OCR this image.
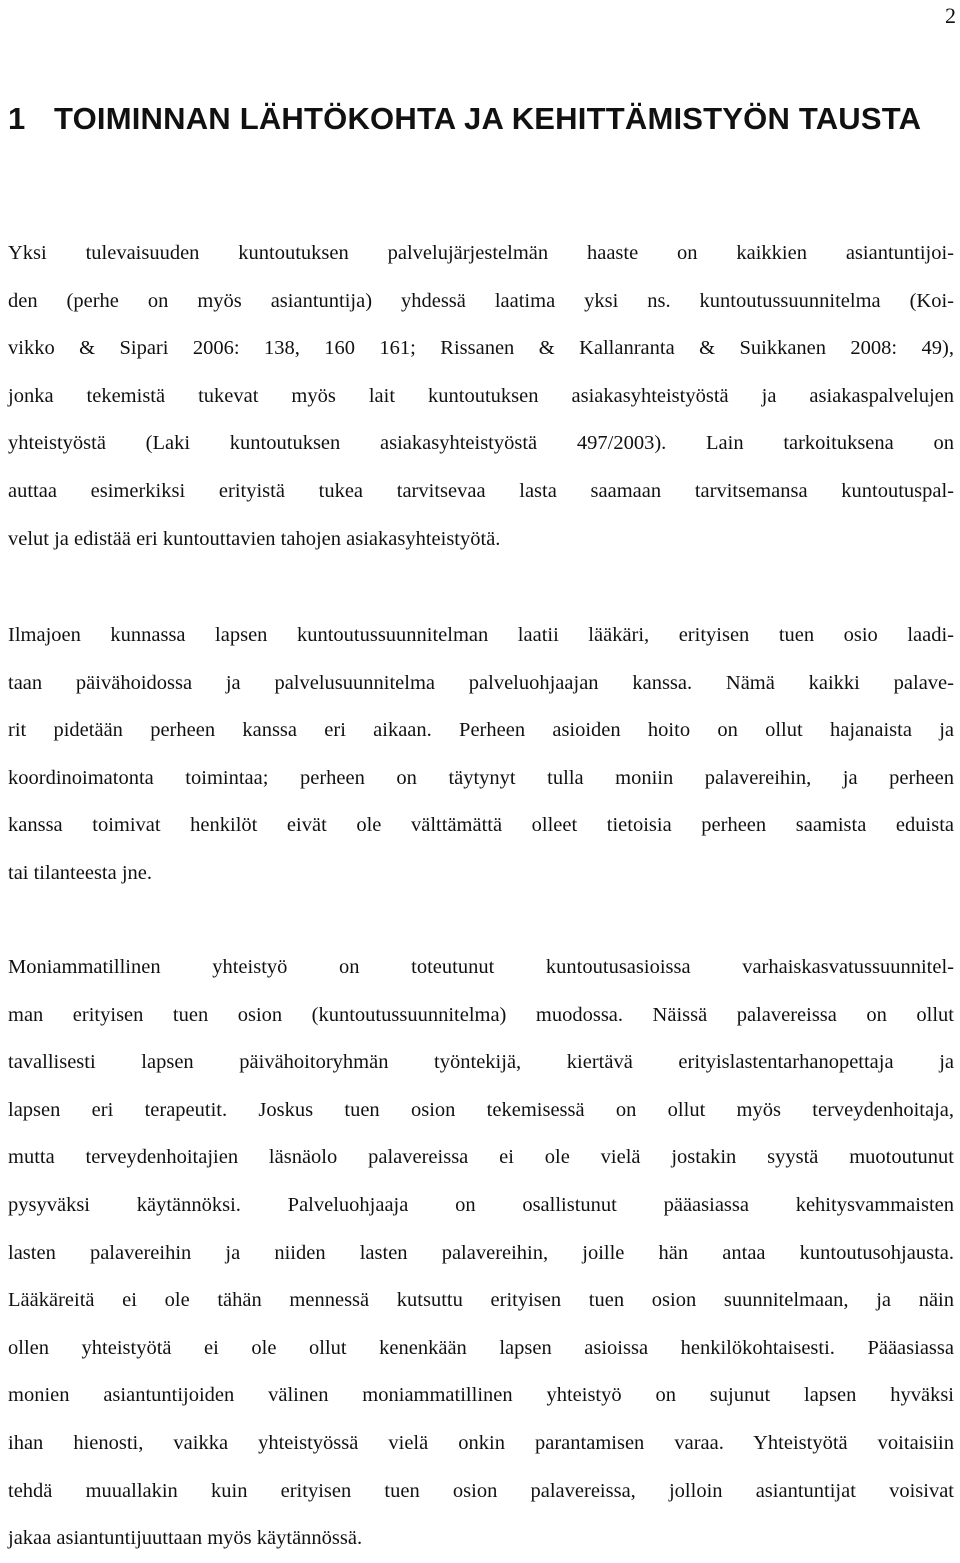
2
1 TOIMINNAN LÄHTÖKOHTA JA KEHITTÄMISTYÖN TAUSTA
Yksi tulevaisuuden kuntoutuksen palvelujärjestelmän haaste on kaikkien asiantuntijoi-
den (perhe on myös asiantuntija) yhdessä laatima yksi ns. kuntoutussuunnitelma (Koi-
vikko & Sipari 2006: 138, 160 161; Rissanen & Kallanranta & Suikkanen 2008: 49),
jonka tekemistä tukevat myös lait kuntoutuksen asiakasyhteistyöstä ja asiakaspalvelujen
yhteistyöstä (Laki kuntoutuksen asiakasyhteistyöstä 497/2003). Lain tarkoituksena on
auttaa esimerkiksi erityistä tukea tarvitsevaa lasta saamaan tarvitsemansa kuntoutuspal-
velut ja edistää eri kuntouttavien tahojen asiakasyhteistyötä.
Ilmajoen kunnassa lapsen kuntoutussuunnitelman laatii lääkäri, erityisen tuen osio laadi-
taan päivähoidossa ja palvelusuunnitelma palveluohjaajan kanssa. Nämä kaikki palave-
rit pidetään perheen kanssa eri aikaan. Perheen asioiden hoito on ollut hajanaista ja
koordinoimatonta toimintaa; perheen on täytynyt tulla moniin palavereihin, ja perheen
kanssa toimivat henkilöt eivät ole välttämättä olleet tietoisia perheen saamista eduista
tai tilanteesta jne.
Moniammatillinen yhteistyö on toteutunut kuntoutusasioissa varhaiskasvatussuunnitel-
man erityisen tuen osion (kuntoutussuunnitelma) muodossa. Näissä palavereissa on ollut
tavallisesti lapsen päivähoitoryhmän työntekijä, kiertävä erityislastentarhanopettaja ja
lapsen eri terapeutit. Joskus tuen osion tekemisessä on ollut myös terveydenhoitaja,
mutta terveydenhoitajien läsnäolo palavereissa ei ole vielä jostakin syystä muotoutunut
pysyväksi käytännöksi. Palveluohjaaja on osallistunut pääasiassa kehitysvammaisten
lasten palavereihin ja niiden lasten palavereihin, joille hän antaa kuntoutusohjausta.
Lääkäreitä ei ole tähän mennessä kutsuttu erityisen tuen osion suunnitelmaan, ja näin
ollen yhteistyötä ei ole ollut kenenkään lapsen asioissa henkilökohtaisesti. Pääasiassa
monien asiantuntijoiden välinen moniammatillinen yhteistyö on sujunut lapsen hyväksi
ihan hienosti, vaikka yhteistyössä vielä onkin parantamisen varaa. Yhteistyötä voitaisiin
tehdä muuallakin kuin erityisen tuen osion palavereissa, jolloin asiantuntijat voisivat
jakaa asiantuntijuuttaan myös käytännössä.
